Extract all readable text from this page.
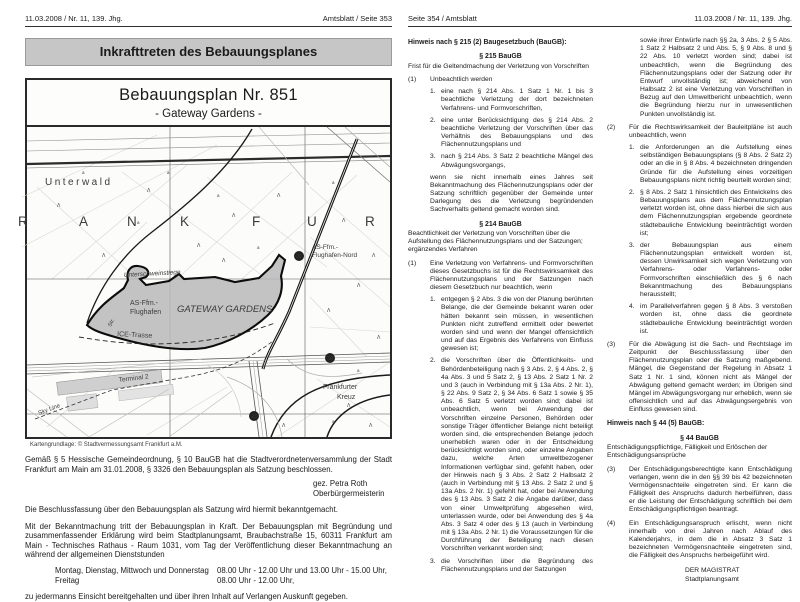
11.03.2008 / Nr. 11, 139. Jhg.	Amtsblatt / Seite 353
Inkrafttreten des Bebauungsplanes
Bebauungsplan Nr. 851
- Gateway Gardens -
Λ
Λ
Λ
Λ
Λ
Λ
Λ
Λ
Λ
Λ
Λ
Λ
Λ
Λ
Λ
a	a
a
a
a
a
a
a
Unterwald
R	A	N	K	F	U	R
Unterschweinstiege
AS-Ffm.-
Flughafen-Nord
22
AS-Ffm.-
Flughafen GATEWAY GARDENS
ICE-Trasse
Str.
Terminal 2
Sky Line
50
23
Frankfurter
Kreuz
Kartengrundlage: © Stadtvermessungsamt Frankfurt a.M.

Gemäß § 5 Hessische Gemeindeordnung, § 10 BauGB hat die Stadtverordnetenversammlung der Stadt Frankfurt am Main am 31.01.2008, § 3326 den Bebauungsplan als Satzung beschlossen.

gez. Petra Roth
Oberbürgermeisterin

Die Beschlussfassung über den Bebauungsplan als Satzung wird hiermit bekanntgemacht.

Mit der Bekanntmachung tritt der Bebauungsplan in Kraft. Der Bebauungsplan mit Begründung und zusammenfassender Erklärung wird beim Stadtplanungsamt, Braubachstraße 15, 60311 Frankfurt am Main - Technisches Rathaus - Raum 1031, vom Tag der Veröffentlichung dieser Bekanntmachung an während der allgemeinen Dienststunden

Montag, Dienstag, Mittwoch und Donnerstag	08.00 Uhr - 12.00 Uhr und 13.00 Uhr - 15.00 Uhr,
Freitag	08.00 Uhr - 12.00 Uhr,

zu jedermanns Einsicht bereitgehalten und über ihren Inhalt auf Verlangen Auskunft gegeben.

Seite 354 / Amtsblatt	11.03.2008 / Nr. 11, 139. Jhg.
Hinweis nach § 215 (2) Baugesetzbuch (BauGB):
§ 215 BauGB
Frist für die Geltendmachung der Verletzung von Vorschriften
(1)	Unbeachtlich werden
1. eine nach § 214 Abs. 1 Satz 1 Nr. 1 bis 3 beachtliche Verletzung der dort bezeichneten Verfahrens- und Formvorschriften,
2. eine unter Berücksichtigung des § 214 Abs. 2 beachtliche Verletzung der Vorschriften über das Verhältnis des Bebauungsplans und des Flächennutzungsplans und
3. nach § 214 Abs. 3 Satz 2 beachtliche Mängel des Abwägungsvorgangs,
wenn sie nicht innerhalb eines Jahres seit Bekanntmachung des Flächennutzungsplans oder der Satzung schriftlich gegenüber der Gemeinde unter Darlegung des die Verletzung begründenden Sachverhalts geltend gemacht worden sind.
§ 214 BauGB
Beachtlichkeit der Verletzung von Vorschriften über die Aufstellung des Flächennutzungsplans und der Satzungen; ergänzendes Verfahren
(1)	Eine Verletzung von Verfahrens- und Formvorschriften dieses Gesetzbuchs ist für die Rechtswirksamkeit des Flächennutzungsplans und der Satzungen nach diesem Gesetzbuch nur beachtlich, wenn
1. entgegen § 2 Abs. 3 die von der Planung berührten Belange, die der Gemeinde bekannt waren oder hätten bekannt sein müssen, in wesentlichen Punkten nicht zutreffend ermittelt oder bewertet worden sind und wenn der Mangel offensichtlich und auf das Ergebnis des Verfahrens von Einfluss gewesen ist;
2. die Vorschriften über die Öffentlichkeits- und Behördenbeteiligung nach § 3 Abs. 2, § 4 Abs. 2, § 4a Abs. 3 und 5 Satz 2, § 13 Abs. 2 Satz 1 Nr. 2 und 3 (auch in Verbindung mit § 13a Abs. 2 Nr. 1), § 22 Abs. 9 Satz 2, § 34 Abs. 6 Satz 1 sowie § 35 Abs. 6 Satz 5 verletzt worden sind; dabei ist unbeachtlich, wenn bei Anwendung der Vorschriften einzelne Personen, Behörden oder sonstige Träger öffentlicher Belange nicht beteiligt worden sind, die entsprechenden Belange jedoch unerheblich waren oder in der Entscheidung berücksichtigt worden sind, oder einzelne Angaben dazu, welche Arten umweltbezogener Informationen verfügbar sind, gefehlt haben, oder der Hinweis nach § 3 Abs. 2 Satz 2 Halbsatz 2 (auch in Verbindung mit § 13 Abs. 2 Satz 2 und § 13a Abs. 2 Nr. 1) gefehlt hat, oder bei Anwendung des § 13 Abs. 3 Satz 2 die Angabe darüber, dass von einer Umweltprüfung abgesehen wird, unterlassen wurde, oder bei Anwendung des § 4a Abs. 3 Satz 4 oder des § 13 (auch in Verbindung mit § 13a Abs. 2 Nr. 1) die Voraussetzungen für die Durchführung der Beteiligung nach diesen Vorschriften verkannt worden sind;
3. die Vorschriften über die Begründung des Flächennutzungsplans und der Satzungen
sowie ihrer Entwürfe nach §§ 2a, 3 Abs. 2 § 5 Abs. 1 Satz 2 Halbsatz 2 und Abs. 5, § 9 Abs. 8 und § 22 Abs. 10 verletzt worden sind; dabei ist unbeachtlich, wenn die Begründung des Flächennutzungsplans oder der Satzung oder ihr Entwurf unvollständig ist; abweichend von Halbsatz 2 ist eine Verletzung von Vorschriften in Bezug auf den Umweltbericht unbeachtlich, wenn die Begründung hierzu nur in unwesentlichen Punkten unvollständig ist.
(2)	Für die Rechtswirksamkeit der Bauleitpläne ist auch unbeachtlich, wenn
1. die Anforderungen an die Aufstellung eines selbständigen Bebauungsplans (§ 8 Abs. 2 Satz 2) oder an die in § 8 Abs. 4 bezeichneten dringenden Gründe für die Aufstellung eines vorzeitigen Bebauungsplans nicht richtig beurteilt worden sind;
2. § 8 Abs. 2 Satz 1 hinsichtlich des Entwickelns des Bebauungsplans aus dem Flächennutzungsplan verletzt worden ist, ohne dass hierbei die sich aus dem Flächennutzungsplan ergebende geordnete städtebauliche Entwicklung beeinträchtigt worden ist;
3. der Bebauungsplan aus einem Flächennutzungsplan entwickelt worden ist, dessen Unwirksamkeit sich wegen Verletzung von Verfahrens- oder Verfahrens- oder Formvorschriften einschließlich des § 6 nach Bekanntmachung des Bebauungsplans herausstellt;
4. im Parallelverfahren gegen § 8 Abs. 3 verstoßen worden ist, ohne dass die geordnete städtebauliche Entwicklung beeinträchtigt worden ist.
(3)	Für die Abwägung ist die Sach- und Rechtslage im Zeitpunkt der Beschlussfassung über den Flächennutzungsplan oder die Satzung maßgebend. Mängel, die Gegenstand der Regelung in Absatz 1 Satz 1 Nr. 1 sind, können nicht als Mängel der Abwägung geltend gemacht werden; im Übrigen sind Mängel im Abwägungsvorgang nur erheblich, wenn sie offensichtlich und auf das Abwägungsergebnis von Einfluss gewesen sind.
Hinweis nach § 44 (5) BauGB:
§ 44 BauGB
Entschädigungspflichtige, Fälligkeit und Erlöschen der Entschädigungsansprüche
(3)	Der Entschädigungsberechtigte kann Entschädigung verlangen, wenn die in den §§ 39 bis 42 bezeichneten Vermögensnachteile eingetreten sind. Er kann die Fälligkeit des Anspruchs dadurch herbeiführen, dass er die Leistung der Entschädigung schriftlich bei dem Entschädigungspflichtigen beantragt.
(4)	Ein Entschädigungsanspruch erlischt, wenn nicht innerhalb von drei Jahren nach Ablauf des Kalenderjahrs, in dem die in Absatz 3 Satz 1 bezeichneten Vermögensnachteile eingetreten sind, die Fälligkeit des Anspruchs herbeigeführt wird.
DER MAGISTRAT
Stadtplanungsamt
